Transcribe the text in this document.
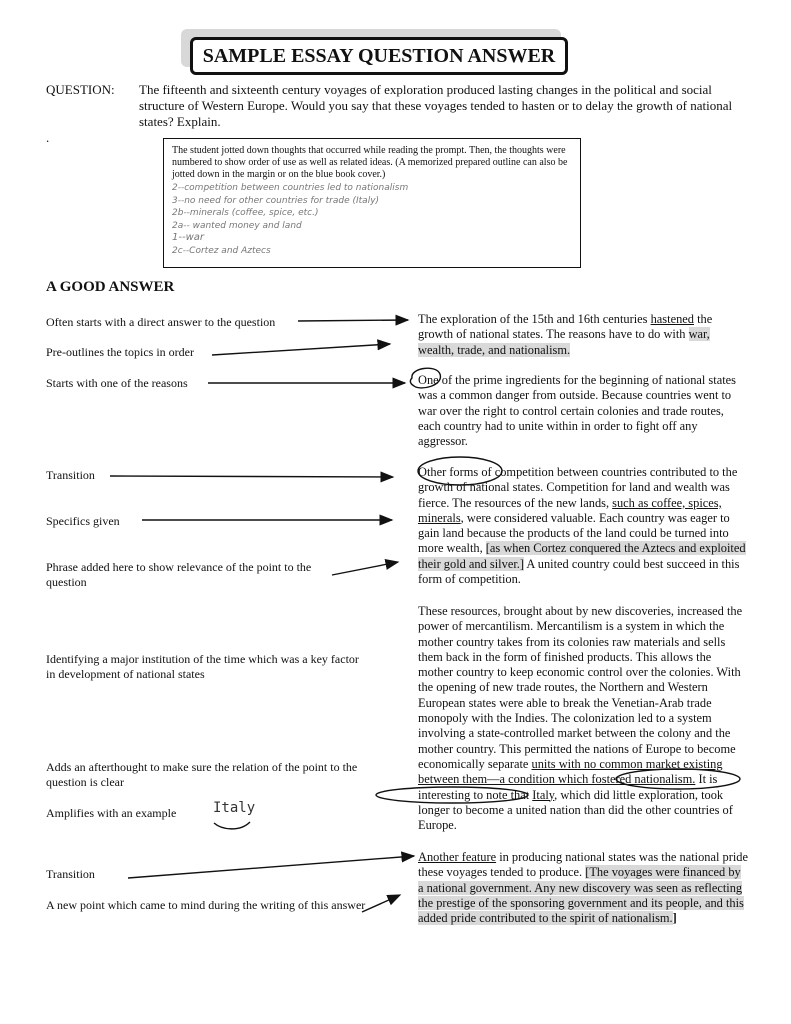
SAMPLE ESSAY QUESTION ANSWER
QUESTION: The fifteenth and sixteenth century voyages of exploration produced lasting changes in the political and social structure of Western Europe. Would you say that these voyages tended to hasten or to delay the growth of national states? Explain.
.

The student jotted down thoughts that occurred while reading the prompt. Then, the thoughts were numbered to show order of use as well as related ideas. (A memorized prepared outline can also be jotted down in the margin or on the blue book cover.)

2--competition between countries led to nationalism
3--no need for other countries for trade (Italy)
2b--minerals (coffee, spice, etc.)
2a-- wanted money and land
1--war
2c--Cortez and Aztecs
A GOOD ANSWER
Often starts with a direct answer to the question
Pre-outlines the topics in order
Starts with one of the reasons
Transition
Specifics given
Phrase added here to show relevance of the point to the question
Identifying a major institution of the time which was a key factor in development of national states
Adds an afterthought to make sure the relation of the point to the question is clear
Amplifies with an example
Transition
A new point which came to mind during the writing of this answer
Italy
The exploration of the 15th and 16th centuries hastened the growth of national states. The reasons have to do with war, wealth, trade, and nationalism.
One of the prime ingredients for the beginning of national states was a common danger from outside. Because countries went to war over the right to control certain colonies and trade routes, each country had to unite within in order to fight off any aggressor.
Other forms of competition between countries contributed to the growth of national states. Competition for land and wealth was fierce. The resources of the new lands, such as coffee, spices, minerals, were considered valuable. Each country was eager to gain land because the products of the land could be turned into more wealth, [as when Cortez conquered the Aztecs and exploited their gold and silver.] A united country could best succeed in this form of competition.
These resources, brought about by new discoveries, increased the power of mercantilism. Mercantilism is a system in which the mother country takes from its colonies raw materials and sells them back in the form of finished products. This allows the mother country to keep economic control over the colonies. With the opening of new trade routes, the Northern and Western European states were able to break the Venetian-Arab trade monopoly with the Indies. The colonization led to a system involving a state-controlled market between the colony and the mother country. This permitted the nations of Europe to become economically separate units with no common market existing between them—a condition which fostered nationalism. It is interesting to note that Italy, which did little exploration, took longer to become a united nation than did the other countries of Europe.
Another feature in producing national states was the national pride these voyages tended to produce. [The voyages were financed by a national government. Any new discovery was seen as reflecting the prestige of the sponsoring government and its people, and this added pride contributed to the spirit of nationalism.]
